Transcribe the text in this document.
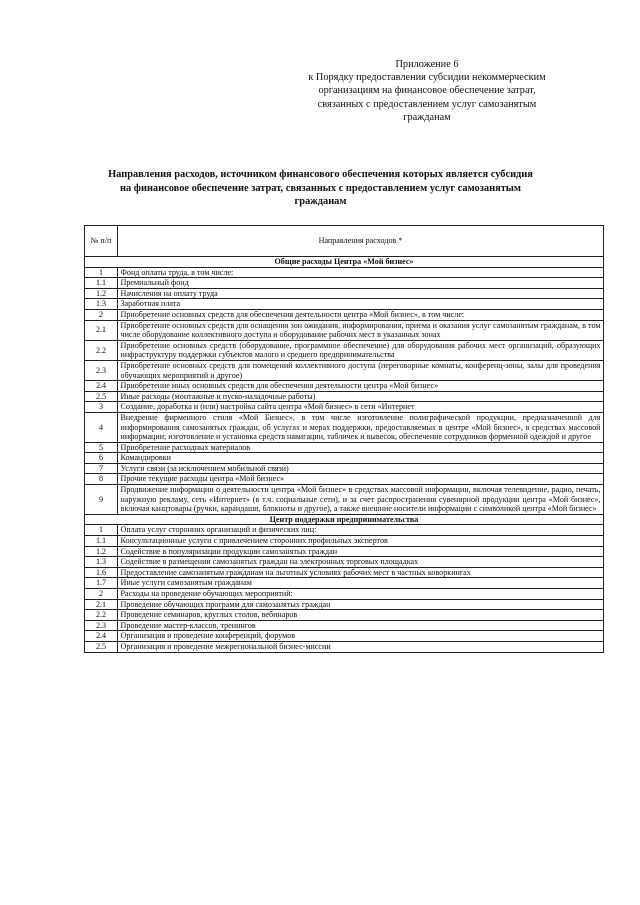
Приложение 6
к Порядку предоставления субсидии некоммерческим
организациям на финансовое обеспечение затрат,
связанных с предоставлением услуг самозанятым
гражданам
Направления расходов, источником финансового обеспечения которых является субсидия на финансовое обеспечение затрат, связанных с предоставлением услуг самозанятым гражданам
№ п/п	Направления расходов *
Общие расходы Центра «Мой бизнес»	
1	Фонд оплаты труда, в том числе:
1.1	Премиальный фонд
1.2	Начисления на оплату труда
1.3	Заработная плата
2	Приобретение основных средств для обеспечения деятельности центра «Мой бизнес», в том числе:
2.1	Приобретение основных средств для оснащения зон ожидания, информирования, приема и оказания услуг самозанятым гражданам, в том числе оборудование коллективного доступа и оборудование рабочих мест в указанных зонах
2.2	Приобретение основных средств (оборудование, программное обеспечение) для оборудования рабочих мест организаций, образующих инфраструктуру поддержки субъектов малого и среднего предпринимательства
2.3	Приобретение основных средств для помещений коллективного доступа (переговорные комнаты, конференц-зоны, залы для проведения обучающих мероприятий и другое)
2.4	Приобретение иных основных средств для обеспечения деятельности центра «Мой бизнес»
2.5	Иные расходы (монтажные и пуско-наладочные работы)
3	Создание, доработка и (или) настройка сайта центра «Мой бизнес» в сети «Интернет
4	Внедрение фирменного стиля «Мой Бизнес», в том числе изготовление полиграфической продукции, предназначенной для информирования самозанятых граждан, об услугах и мерах поддержки, предоставляемых в центре «Мой бизнес», в средствах массовой информации; изготовление и установка средств навигации, табличек и вывесок, обеспечение сотрудников форменной одеждой и другое
5	Приобретение расходных материалов
6	Командировки
7	Услуги связи (за исключением мобильной связи)
8	Прочие текущие расходы центра «Мой бизнес»
9	Продвижение информации о деятельности центра «Мой бизнес» в средствах массовой информации, включая телевидение, радио, печать, наружную рекламу, сеть «Интернет» (в т.ч. социальные сети), и за счет распространения сувенирной продукции центра «Мой бизнес», включая канцтовары (ручки, карандаши, блокноты и другое), а также внешние носители информации с символикой центра «Мой бизнес»
Центр поддержки предпринимательства	
1	Оплата услуг сторонних организаций и физических лиц:
1.1	Консультационные услуги с привлечением сторонних профильных экспертов
1.2	Содействие в популяризации продукции самозанятых граждан
1.3	Содействие в размещении самозанятых граждан на электронных торговых площадках
1.6	Предоставление самозанятым гражданам на льготных условиях рабочих мест в частных коворкингах
1.7	Иные услуги самозанятым гражданам
2	Расходы на проведение обучающих мероприятий:
2.1	Проведение обучающих программ для самозанятых граждан
2.2	Проведение семинаров, круглых столов, вебинаров
2.3	Проведение мастер-классов, тренингов
2.4	Организация и проведение конференций, форумов
2.5	Организация и проведение межрегиональной бизнес-миссии
